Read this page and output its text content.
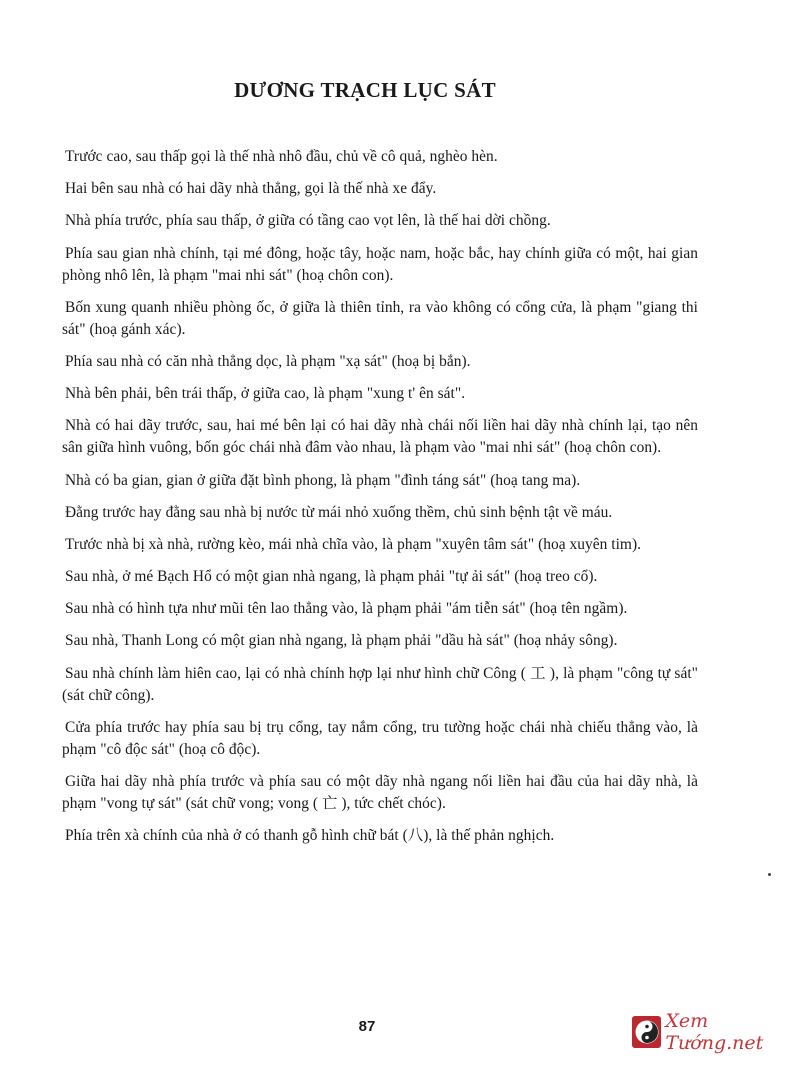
DƯƠNG TRẠCH LỤC SÁT

Trước cao, sau thấp gọi là thế nhà nhô đầu, chủ về cô quả, nghèo hèn.

Hai bên sau nhà có hai dãy nhà thẳng, gọi là thế nhà xe đẩy.

Nhà phía trước, phía sau thấp, ở giữa có tầng cao vọt lên, là thế hai dời chồng.

Phía sau gian nhà chính, tại mé đông, hoặc tây, hoặc nam, hoặc bắc, hay chính giữa có một, hai gian phòng nhô lên, là phạm "mai nhi sát" (hoạ chôn con).

Bốn xung quanh nhiều phòng ốc, ở giữa là thiên tỉnh, ra vào không có cổng cửa, là phạm "giang thi sát" (hoạ gánh xác).

Phía sau nhà có căn nhà thẳng dọc, là phạm "xạ sát" (hoạ bị bắn).

Nhà bên phải, bên trái thấp, ở giữa cao, là phạm "xung t' ên sát".

Nhà có hai dãy trước, sau, hai mé bên lại có hai dãy nhà chái nối liền hai dãy nhà chính lại, tạo nên sân giữa hình vuông, bốn góc chái nhà đâm vào nhau, là phạm vào "mai nhi sát" (hoạ chôn con).

Nhà có ba gian, gian ở giữa đặt bình phong, là phạm "đình táng sát" (hoạ tang ma).

Đằng trước hay đằng sau nhà bị nước từ mái nhỏ xuống thềm, chủ sinh bệnh tật về máu.

Trước nhà bị xà nhà, rường kèo, mái nhà chĩa vào, là phạm "xuyên tâm sát" (hoạ xuyên tim).

Sau nhà, ở mé Bạch Hổ có một gian nhà ngang, là phạm phải "tự ải sát" (hoạ treo cổ).

Sau nhà có hình tựa như mũi tên lao thẳng vào, là phạm phải "ám tiễn sát" (hoạ tên ngầm).

Sau nhà, Thanh Long có một gian nhà ngang, là phạm phải "dầu hà sát" (hoạ nhảy sông).

Sau nhà chính làm hiên cao, lại có nhà chính hợp lại như hình chữ Công ( 工 ), là phạm "công tự sát" (sát chữ công).

Cửa phía trước hay phía sau bị trụ cổng, tay nắm cổng, tru tường hoặc chái nhà chiếu thẳng vào, là phạm "cô độc sát" (hoạ cô độc).

Giữa hai dãy nhà phía trước và phía sau có một dãy nhà ngang nối liền hai đầu của hai dãy nhà, là phạm "vong tự sát" (sát chữ vong; vong ( 亡 ), tức chết chóc).

Phía trên xà chính của nhà ở có thanh gỗ hình chữ bát (八), là thế phản nghịch.

87	Xem Tướng.net
